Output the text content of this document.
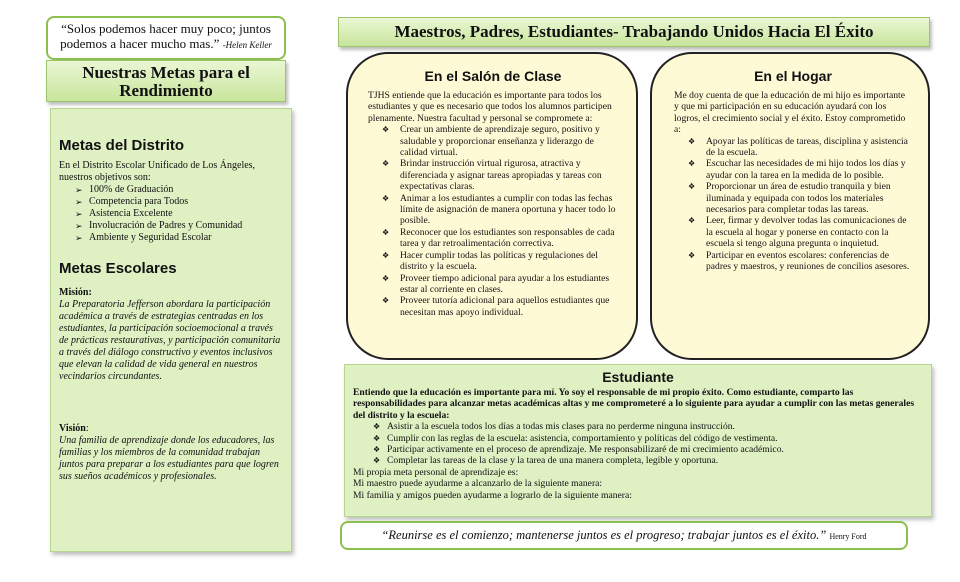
“Solos podemos hacer muy poco; juntos podemos a hacer mucho mas.” -Helen Keller
Nuestras Metas para el Rendimiento
Metas del Distrito
En el Distrito Escolar Unificado de Los Ángeles, nuestros objetivos son:
➢ 100% de Graduación
➢ Competencia para Todos
➢ Asistencia Excelente
➢ Involucración de Padres y Comunidad
➢ Ambiente y Seguridad Escolar
Metas Escolares
Misión:
La Preparatoria Jefferson abordara la participación académica a través de estrategias centradas en los estudiantes, la participación socioemocional a través de prácticas restaurativas, y participación comunitaria a través del diálogo constructivo y eventos inclusivos que elevan la calidad de vida general en nuestros vecindarios circundantes.
Visión:
Una familia de aprendizaje donde los educadores, las familias y los miembros de la comunidad trabajan juntos para preparar a los estudiantes para que logren sus sueños académicos y profesionales.
Maestros, Padres, Estudiantes- Trabajando Unidos Hacia El Éxito
En el Salón de Clase
TJHS entiende que la educación es importante para todos los estudiantes y que es necesario que todos los alumnos participen plenamente. Nuestra facultad y personal se compromete a:
❖ Crear un ambiente de aprendizaje seguro, positivo y saludable y proporcionar enseñanza y liderazgo de calidad virtual.
❖ Brindar instrucción virtual rigurosa, atractiva y diferenciada y asignar tareas apropiadas y tareas con expectativas claras.
❖ Animar a los estudiantes a cumplir con todas las fechas límite de asignación de manera oportuna y hacer todo lo posible.
❖ Reconocer que los estudiantes son responsables de cada tarea y dar retroalimentación correctiva.
❖ Hacer cumplir todas las políticas y regulaciones del distrito y la escuela.
❖ Proveer tiempo adicional para ayudar a los estudiantes estar al corriente en clases.
❖ Proveer tutoría adicional para aquellos estudiantes que necesitan mas apoyo individual.
En el Hogar
Me doy cuenta de que la educación de mi hijo es importante y que mi participación en su educación ayudará con los logros, el crecimiento social y el éxito. Estoy comprometido a:
❖ Apoyar las políticas de tareas, disciplina y asistencia de la escuela.
❖ Escuchar las necesidades de mi hijo todos los días y ayudar con la tarea en la medida de lo posible.
❖ Proporcionar un área de estudio tranquila y bien iluminada y equipada con todos los materiales necesarios para completar todas las tareas.
❖ Leer, firmar y devolver todas las comunicaciones de la escuela al hogar y ponerse en contacto con la escuela si tengo alguna pregunta o inquietud.
❖ Participar en eventos escolares: conferencias de padres y maestros, y reuniones de concilios asesores.
Estudiante
Entiendo que la educación es importante para mí. Yo soy el responsable de mi propio éxito. Como estudiante, comparto las responsabilidades para alcanzar metas académicas altas y me comprometeré a lo siguiente para ayudar a cumplir con las metas generales del distrito y la escuela:
❖ Asistir a la escuela todos los días a todas mis clases para no perderme ninguna instrucción.
❖ Cumplir con las reglas de la escuela: asistencia, comportamiento y políticas del código de vestimenta.
❖ Participar activamente en el proceso de aprendizaje. Me responsabilizaré de mi crecimiento académico.
❖ Completar las tareas de la clase y la tarea de una manera completa, legible y oportuna.
Mi propia meta personal de aprendizaje es:
Mi maestro puede ayudarme a alcanzarlo de la siguiente manera:
Mi familia y amigos pueden ayudarme a lograrlo de la siguiente manera:
“Reunirse es el comienzo; mantenerse juntos es el progreso; trabajar juntos es el éxito.” Henry Ford
